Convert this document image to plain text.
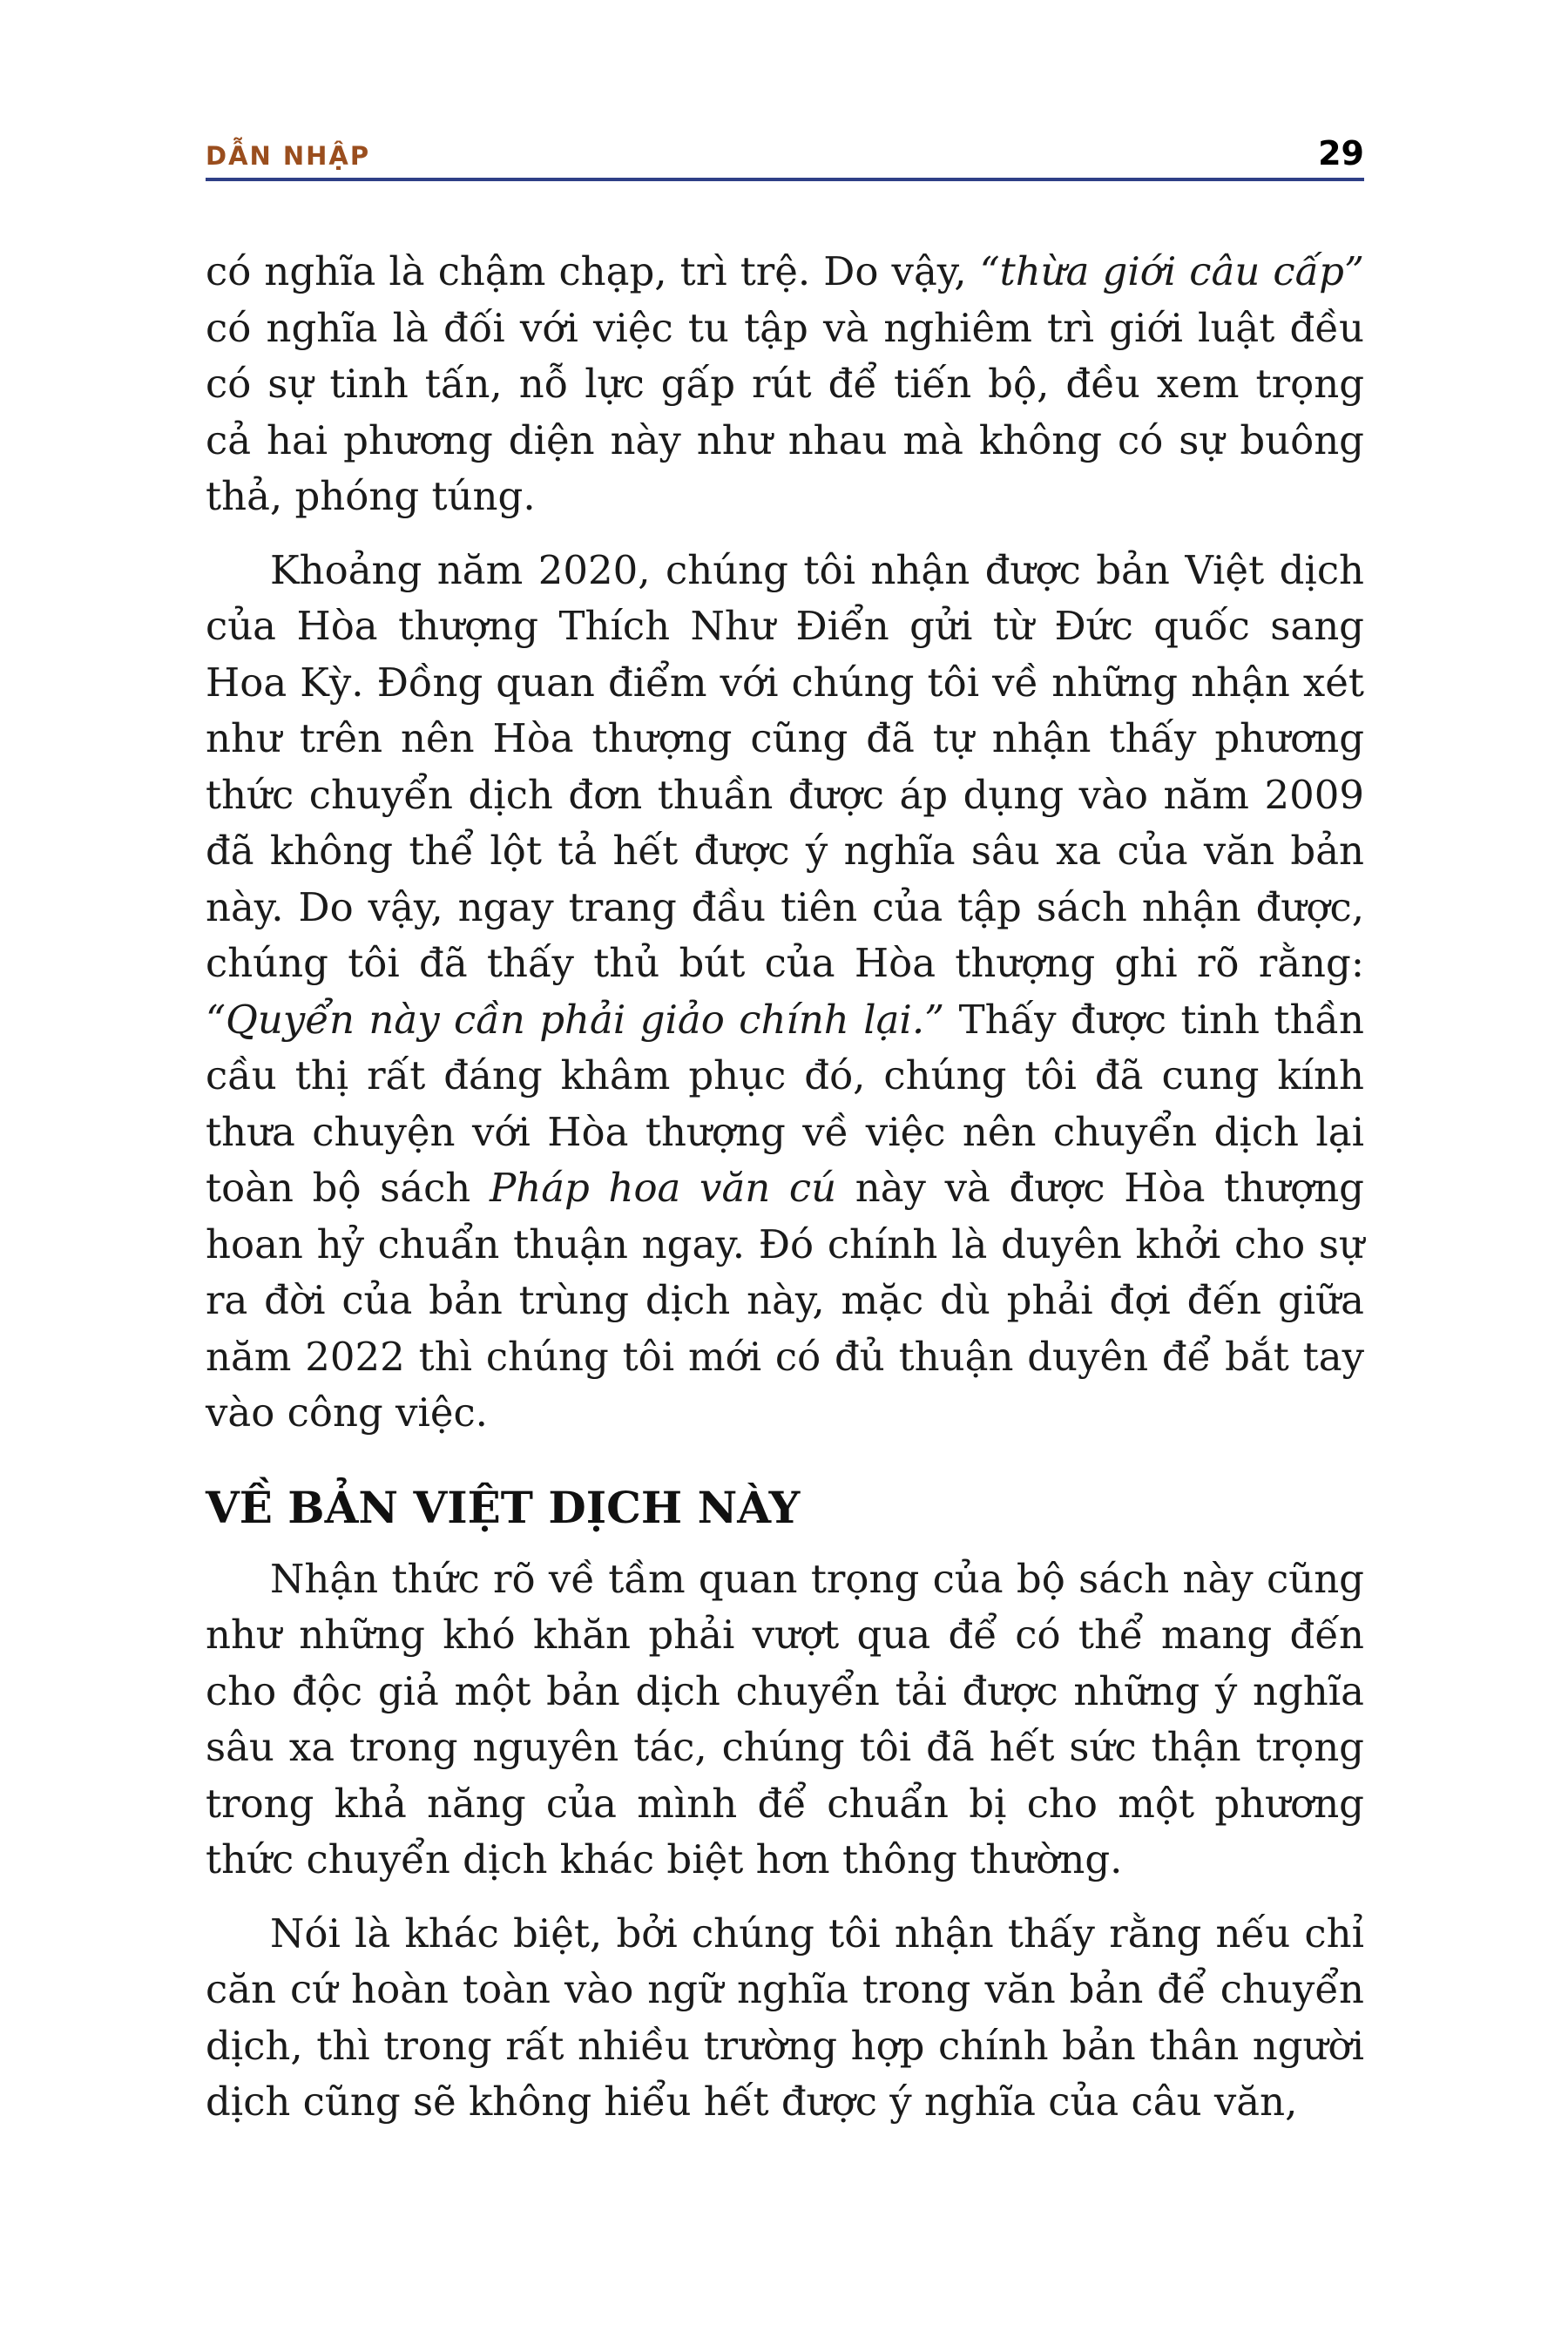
DẪN NHẬP	29

có nghĩa là chậm chạp, trì trệ. Do vậy, “thừa giới câu cấp” có nghĩa là đối với việc tu tập và nghiêm trì giới luật đều có sự tinh tấn, nỗ lực gấp rút để tiến bộ, đều xem trọng cả hai phương diện này như nhau mà không có sự buông thả, phóng túng.

Khoảng năm 2020, chúng tôi nhận được bản Việt dịch của Hòa thượng Thích Như Điển gửi từ Đức quốc sang Hoa Kỳ. Đồng quan điểm với chúng tôi về những nhận xét như trên nên Hòa thượng cũng đã tự nhận thấy phương thức chuyển dịch đơn thuần được áp dụng vào năm 2009 đã không thể lột tả hết được ý nghĩa sâu xa của văn bản này. Do vậy, ngay trang đầu tiên của tập sách nhận được, chúng tôi đã thấy thủ bút của Hòa thượng ghi rõ rằng: “Quyển này cần phải giảo chính lại.” Thấy được tinh thần cầu thị rất đáng khâm phục đó, chúng tôi đã cung kính thưa chuyện với Hòa thượng về việc nên chuyển dịch lại toàn bộ sách Pháp hoa văn cú này và được Hòa thượng hoan hỷ chuẩn thuận ngay. Đó chính là duyên khởi cho sự ra đời của bản trùng dịch này, mặc dù phải đợi đến giữa năm 2022 thì chúng tôi mới có đủ thuận duyên để bắt tay vào công việc.

VỀ BẢN VIỆT DỊCH NÀY

Nhận thức rõ về tầm quan trọng của bộ sách này cũng như những khó khăn phải vượt qua để có thể mang đến cho độc giả một bản dịch chuyển tải được những ý nghĩa sâu xa trong nguyên tác, chúng tôi đã hết sức thận trọng trong khả năng của mình để chuẩn bị cho một phương thức chuyển dịch khác biệt hơn thông thường.

Nói là khác biệt, bởi chúng tôi nhận thấy rằng nếu chỉ căn cứ hoàn toàn vào ngữ nghĩa trong văn bản để chuyển dịch, thì trong rất nhiều trường hợp chính bản thân người dịch cũng sẽ không hiểu hết được ý nghĩa của câu văn,
